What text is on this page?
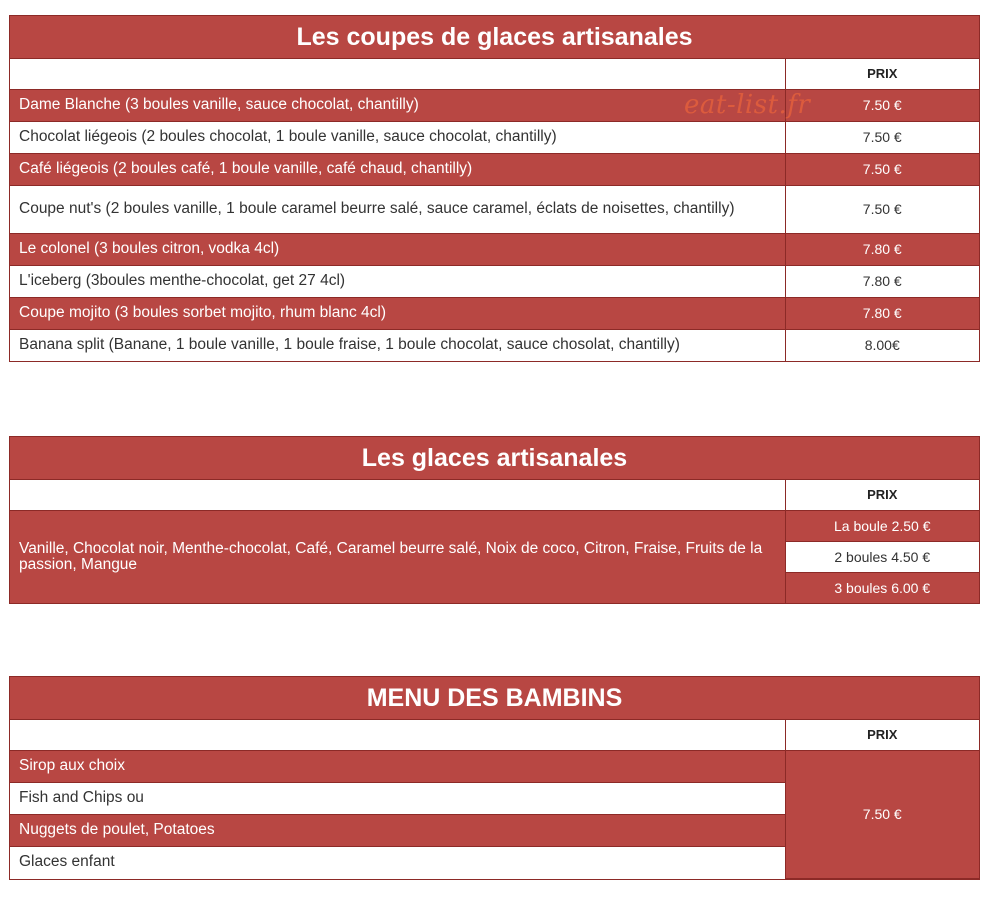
Les coupes de glaces artisanales
	PRIX
Dame Blanche (3 boules vanille, sauce chocolat, chantilly)	7.50 €
Chocolat liégeois (2 boules chocolat, 1 boule vanille, sauce chocolat, chantilly)	7.50 €
Café liégeois (2 boules café, 1 boule vanille, café chaud, chantilly)	7.50 €
Coupe nut's (2 boules vanille, 1 boule caramel beurre salé, sauce caramel, éclats de noisettes, chantilly)	7.50 €
Le colonel (3 boules citron, vodka 4cl)	7.80 €
L'iceberg (3boules menthe-chocolat, get 27 4cl)	7.80 €
Coupe mojito (3 boules sorbet mojito, rhum blanc 4cl)	7.80 €
Banana split (Banane, 1 boule vanille, 1 boule fraise, 1 boule chocolat, sauce chosolat, chantilly)	8.00€
eat-list.fr
Les glaces artisanales
	PRIX
Vanille, Chocolat noir, Menthe-chocolat, Café, Caramel beurre salé, Noix de coco, Citron, Fraise, Fruits de la passion, Mangue	La boule 2.50 €
2 boules 4.50 €
3 boules 6.00 €
MENU DES BAMBINS
	PRIX
Sirop aux choix	7.50 €
Fish and Chips ou	
Nuggets de poulet, Potatoes	
Glaces enfant	
